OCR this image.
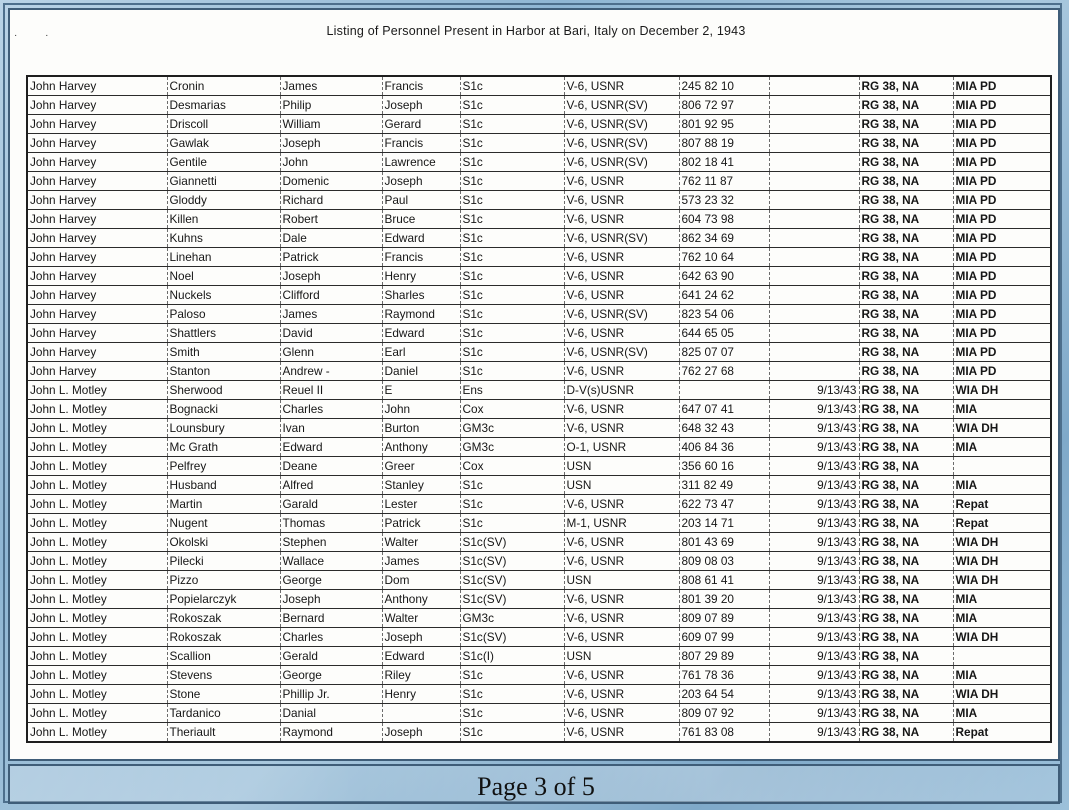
·          ·	Listing of Personnel Present in Harbor at Bari, Italy on December 2, 1943
John Harvey	Cronin	James	Francis	S1c	V-6, USNR	245 82 10		RG 38, NA	MIA PD
John Harvey	Desmarias	Philip	Joseph	S1c	V-6, USNR(SV)	806 72 97		RG 38, NA	MIA PD
John Harvey	Driscoll	William	Gerard	S1c	V-6, USNR(SV)	801 92 95		RG 38, NA	MIA PD
John Harvey	Gawlak	Joseph	Francis	S1c	V-6, USNR(SV)	807 88 19		RG 38, NA	MIA PD
John Harvey	Gentile	John	Lawrence	S1c	V-6, USNR(SV)	802 18 41		RG 38, NA	MIA PD
John Harvey	Giannetti	Domenic	Joseph	S1c	V-6, USNR	762 11 87		RG 38, NA	MIA PD
John Harvey	Gloddy	Richard	Paul	S1c	V-6, USNR	573 23 32		RG 38, NA	MIA PD
John Harvey	Killen	Robert	Bruce	S1c	V-6, USNR	604 73 98		RG 38, NA	MIA PD
John Harvey	Kuhns	Dale	Edward	S1c	V-6, USNR(SV)	862 34 69		RG 38, NA	MIA PD
John Harvey	Linehan	Patrick	Francis	S1c	V-6, USNR	762 10 64		RG 38, NA	MIA PD
John Harvey	Noel	Joseph	Henry	S1c	V-6, USNR	642 63 90		RG 38, NA	MIA PD
John Harvey	Nuckels	Clifford	Sharles	S1c	V-6, USNR	641 24 62		RG 38, NA	MIA PD
John Harvey	Paloso	James	Raymond	S1c	V-6, USNR(SV)	823 54 06		RG 38, NA	MIA PD
John Harvey	Shattlers	David	Edward	S1c	V-6, USNR	644 65 05		RG 38, NA	MIA PD
John Harvey	Smith	Glenn	Earl	S1c	V-6, USNR(SV)	825 07 07		RG 38, NA	MIA PD
John Harvey	Stanton	Andrew -	Daniel	S1c	V-6, USNR	762 27 68		RG 38, NA	MIA PD
John L. Motley	Sherwood	Reuel II	E	Ens	D-V(s)USNR		9/13/43	RG 38, NA	WIA DH
John L. Motley	Bognacki	Charles	John	Cox	V-6, USNR	647 07 41	9/13/43	RG 38, NA	MIA
John L. Motley	Lounsbury	Ivan	Burton	GM3c	V-6, USNR	648 32 43	9/13/43	RG 38, NA	WIA DH
John L. Motley	Mc Grath	Edward	Anthony	GM3c	O-1, USNR	406 84 36	9/13/43	RG 38, NA	MIA
John L. Motley	Pelfrey	Deane	Greer	Cox	USN	356 60 16	9/13/43	RG 38, NA	
John L. Motley	Husband	Alfred	Stanley	S1c	USN	311 82 49	9/13/43	RG 38, NA	MIA
John L. Motley	Martin	Garald	Lester	S1c	V-6, USNR	622 73 47	9/13/43	RG 38, NA	Repat
John L. Motley	Nugent	Thomas	Patrick	S1c	M-1, USNR	203 14 71	9/13/43	RG 38, NA	Repat
John L. Motley	Okolski	Stephen	Walter	S1c(SV)	V-6, USNR	801 43 69	9/13/43	RG 38, NA	WIA DH
John L. Motley	Pilecki	Wallace	James	S1c(SV)	V-6, USNR	809 08 03	9/13/43	RG 38, NA	WIA DH
John L. Motley	Pizzo	George	Dom	S1c(SV)	USN	808 61 41	9/13/43	RG 38, NA	WIA DH
John L. Motley	Popielarczyk	Joseph	Anthony	S1c(SV)	V-6, USNR	801 39 20	9/13/43	RG 38, NA	MIA
John L. Motley	Rokoszak	Bernard	Walter	GM3c	V-6, USNR	809 07 89	9/13/43	RG 38, NA	MIA
John L. Motley	Rokoszak	Charles	Joseph	S1c(SV)	V-6, USNR	609 07 99	9/13/43	RG 38, NA	WIA DH
John L. Motley	Scallion	Gerald	Edward	S1c(I)	USN	807 29 89	9/13/43	RG 38, NA	
John L. Motley	Stevens	George	Riley	S1c	V-6, USNR	761 78 36	9/13/43	RG 38, NA	MIA
John L. Motley	Stone	Phillip Jr.	Henry	S1c	V-6, USNR	203 64 54	9/13/43	RG 38, NA	WIA DH
John L. Motley	Tardanico	Danial		S1c	V-6, USNR	809 07 92	9/13/43	RG 38, NA	MIA
John L. Motley	Theriault	Raymond	Joseph	S1c	V-6, USNR	761 83 08	9/13/43	RG 38, NA	Repat
Page 3 of 5
